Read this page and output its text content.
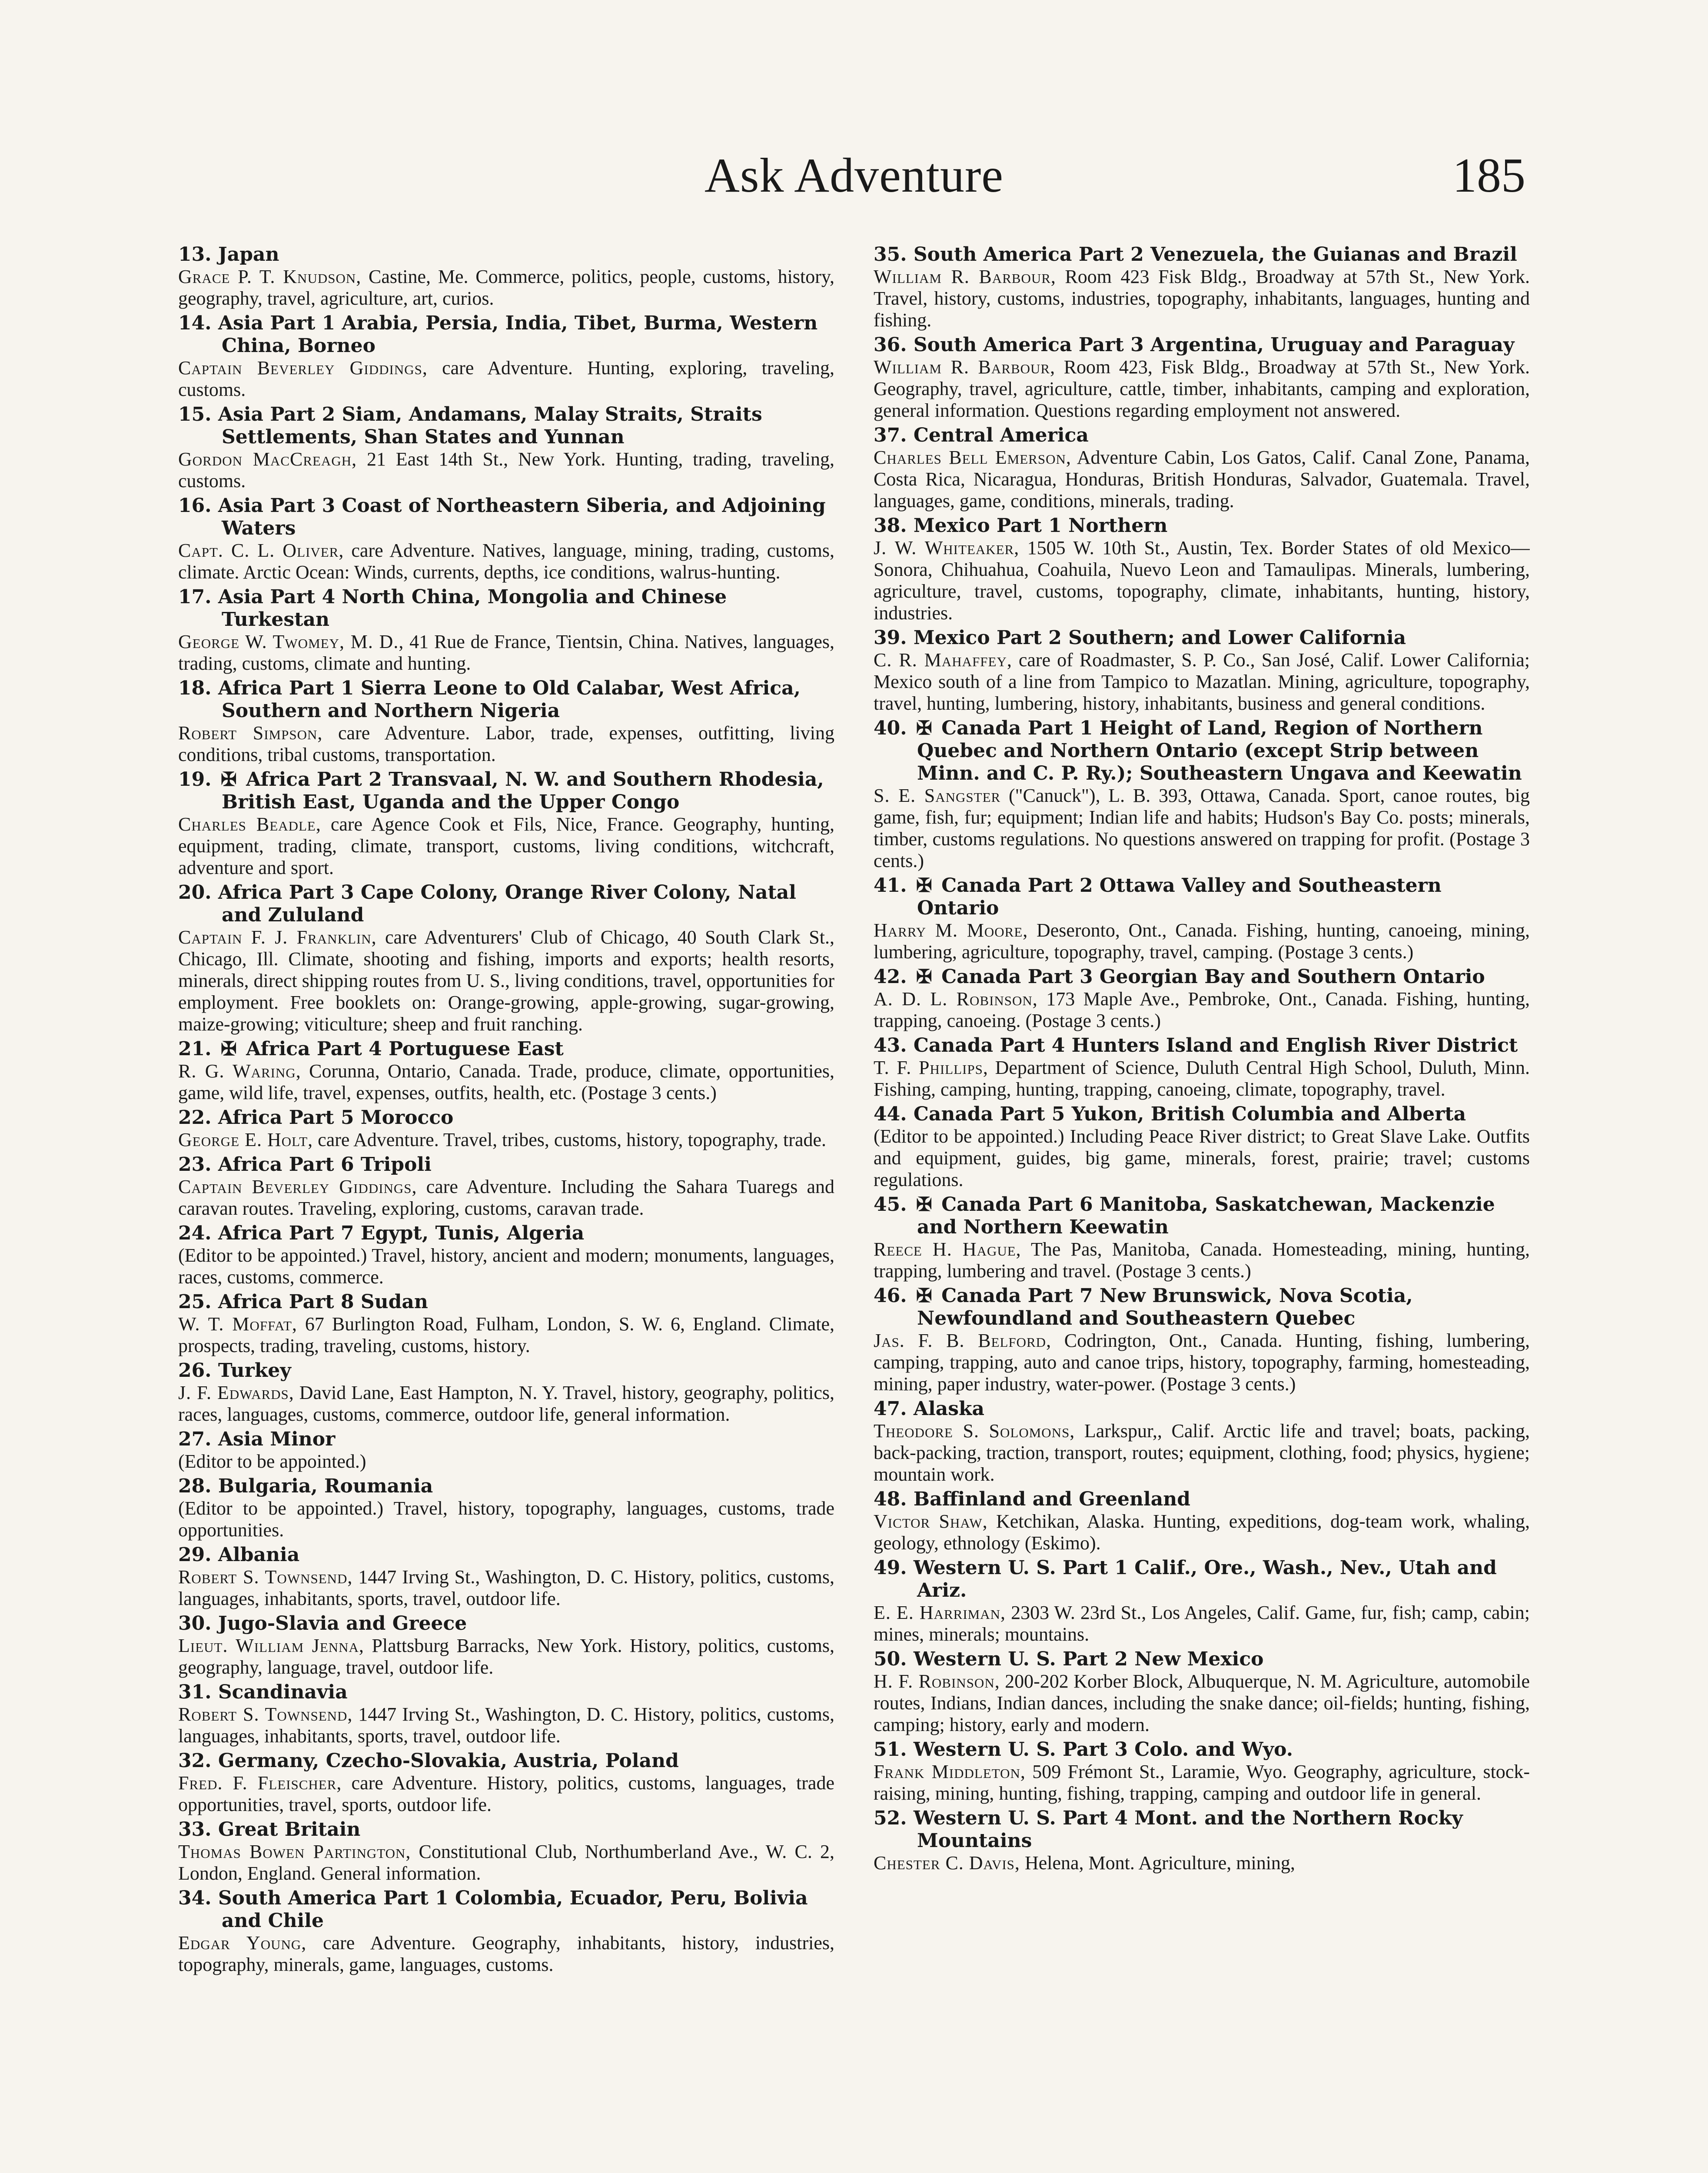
Ask Adventure	185

13. Japan

Grace P. T. Knudson, Castine, Me. Commerce, politics, people, customs, history, geography, travel, agriculture, art, curios.

14. Asia Part 1 Arabia, Persia, India, Tibet, Burma, Western China, Borneo

Captain Beverley Giddings, care Adventure. Hunting, exploring, traveling, customs.

15. Asia Part 2 Siam, Andamans, Malay Straits, Straits Settlements, Shan States and Yunnan

Gordon MacCreagh, 21 East 14th St., New York. Hunting, trading, traveling, customs.

16. Asia Part 3 Coast of Northeastern Siberia, and Adjoining Waters

Capt. C. L. Oliver, care Adventure. Natives, language, mining, trading, customs, climate. Arctic Ocean: Winds, currents, depths, ice conditions, walrus-hunting.

17. Asia Part 4 North China, Mongolia and Chinese Turkestan

George W. Twomey, M. D., 41 Rue de France, Tientsin, China. Natives, languages, trading, customs, climate and hunting.

18. Africa Part 1 Sierra Leone to Old Calabar, West Africa, Southern and Northern Nigeria

Robert Simpson, care Adventure. Labor, trade, expenses, outfitting, living conditions, tribal customs, transportation.

19. ✠ Africa Part 2 Transvaal, N. W. and Southern Rhodesia, British East, Uganda and the Upper Congo

Charles Beadle, care Agence Cook et Fils, Nice, France. Geography, hunting, equipment, trading, climate, transport, customs, living conditions, witchcraft, adventure and sport.

20. Africa Part 3 Cape Colony, Orange River Colony, Natal and Zululand

Captain F. J. Franklin, care Adventurers' Club of Chicago, 40 South Clark St., Chicago, Ill. Climate, shooting and fishing, imports and exports; health resorts, minerals, direct shipping routes from U. S., living conditions, travel, opportunities for employment. Free booklets on: Orange-growing, apple-growing, sugar-growing, maize-growing; viticulture; sheep and fruit ranching.

21. ✠ Africa Part 4 Portuguese East

R. G. Waring, Corunna, Ontario, Canada. Trade, produce, climate, opportunities, game, wild life, travel, expenses, outfits, health, etc. (Postage 3 cents.)

22. Africa Part 5 Morocco

George E. Holt, care Adventure. Travel, tribes, customs, history, topography, trade.

23. Africa Part 6 Tripoli

Captain Beverley Giddings, care Adventure. Including the Sahara Tuaregs and caravan routes. Traveling, exploring, customs, caravan trade.

24. Africa Part 7 Egypt, Tunis, Algeria

(Editor to be appointed.) Travel, history, ancient and modern; monuments, languages, races, customs, commerce.

25. Africa Part 8 Sudan

W. T. Moffat, 67 Burlington Road, Fulham, London, S. W. 6, England. Climate, prospects, trading, traveling, customs, history.

26. Turkey

J. F. Edwards, David Lane, East Hampton, N. Y. Travel, history, geography, politics, races, languages, customs, commerce, outdoor life, general information.

27. Asia Minor

(Editor to be appointed.)

28. Bulgaria, Roumania

(Editor to be appointed.) Travel, history, topography, languages, customs, trade opportunities.

29. Albania

Robert S. Townsend, 1447 Irving St., Washington, D. C. History, politics, customs, languages, inhabitants, sports, travel, outdoor life.

30. Jugo-Slavia and Greece

Lieut. William Jenna, Plattsburg Barracks, New York. History, politics, customs, geography, language, travel, outdoor life.

31. Scandinavia

Robert S. Townsend, 1447 Irving St., Washington, D. C. History, politics, customs, languages, inhabitants, sports, travel, outdoor life.

32. Germany, Czecho-Slovakia, Austria, Poland

Fred. F. Fleischer, care Adventure. History, politics, customs, languages, trade opportunities, travel, sports, outdoor life.

33. Great Britain

Thomas Bowen Partington, Constitutional Club, Northumberland Ave., W. C. 2, London, England. General information.

34. South America Part 1 Colombia, Ecuador, Peru, Bolivia and Chile

Edgar Young, care Adventure. Geography, inhabitants, history, industries, topography, minerals, game, languages, customs.

35. South America Part 2 Venezuela, the Guianas and Brazil

William R. Barbour, Room 423 Fisk Bldg., Broadway at 57th St., New York. Travel, history, customs, industries, topography, inhabitants, languages, hunting and fishing.

36. South America Part 3 Argentina, Uruguay and Paraguay

William R. Barbour, Room 423, Fisk Bldg., Broadway at 57th St., New York. Geography, travel, agriculture, cattle, timber, inhabitants, camping and exploration, general information. Questions regarding employment not answered.

37. Central America

Charles Bell Emerson, Adventure Cabin, Los Gatos, Calif. Canal Zone, Panama, Costa Rica, Nicaragua, Honduras, British Honduras, Salvador, Guatemala. Travel, languages, game, conditions, minerals, trading.

38. Mexico Part 1 Northern

J. W. Whiteaker, 1505 W. 10th St., Austin, Tex. Border States of old Mexico—Sonora, Chihuahua, Coahuila, Nuevo Leon and Tamaulipas. Minerals, lumbering, agriculture, travel, customs, topography, climate, inhabitants, hunting, history, industries.

39. Mexico Part 2 Southern; and Lower California

C. R. Mahaffey, care of Roadmaster, S. P. Co., San José, Calif. Lower California; Mexico south of a line from Tampico to Mazatlan. Mining, agriculture, topography, travel, hunting, lumbering, history, inhabitants, business and general conditions.

40. ✠ Canada Part 1 Height of Land, Region of Northern Quebec and Northern Ontario (except Strip between Minn. and C. P. Ry.); Southeastern Ungava and Keewatin

S. E. Sangster ("Canuck"), L. B. 393, Ottawa, Canada. Sport, canoe routes, big game, fish, fur; equipment; Indian life and habits; Hudson's Bay Co. posts; minerals, timber, customs regulations. No questions answered on trapping for profit. (Postage 3 cents.)

41. ✠ Canada Part 2 Ottawa Valley and Southeastern Ontario

Harry M. Moore, Deseronto, Ont., Canada. Fishing, hunting, canoeing, mining, lumbering, agriculture, topography, travel, camping. (Postage 3 cents.)

42. ✠ Canada Part 3 Georgian Bay and Southern Ontario

A. D. L. Robinson, 173 Maple Ave., Pembroke, Ont., Canada. Fishing, hunting, trapping, canoeing. (Postage 3 cents.)

43. Canada Part 4 Hunters Island and English River District

T. F. Phillips, Department of Science, Duluth Central High School, Duluth, Minn. Fishing, camping, hunting, trapping, canoeing, climate, topography, travel.

44. Canada Part 5 Yukon, British Columbia and Alberta

(Editor to be appointed.) Including Peace River district; to Great Slave Lake. Outfits and equipment, guides, big game, minerals, forest, prairie; travel; customs regulations.

45. ✠ Canada Part 6 Manitoba, Saskatchewan, Mackenzie and Northern Keewatin

Reece H. Hague, The Pas, Manitoba, Canada. Homesteading, mining, hunting, trapping, lumbering and travel. (Postage 3 cents.)

46. ✠ Canada Part 7 New Brunswick, Nova Scotia, Newfoundland and Southeastern Quebec

Jas. F. B. Belford, Codrington, Ont., Canada. Hunting, fishing, lumbering, camping, trapping, auto and canoe trips, history, topography, farming, homesteading, mining, paper industry, water-power. (Postage 3 cents.)

47. Alaska

Theodore S. Solomons, Larkspur,, Calif. Arctic life and travel; boats, packing, back-packing, traction, transport, routes; equipment, clothing, food; physics, hygiene; mountain work.

48. Baffinland and Greenland

Victor Shaw, Ketchikan, Alaska. Hunting, expeditions, dog-team work, whaling, geology, ethnology (Eskimo).

49. Western U. S. Part 1 Calif., Ore., Wash., Nev., Utah and Ariz.

E. E. Harriman, 2303 W. 23rd St., Los Angeles, Calif. Game, fur, fish; camp, cabin; mines, minerals; mountains.

50. Western U. S. Part 2 New Mexico

H. F. Robinson, 200-202 Korber Block, Albuquerque, N. M. Agriculture, automobile routes, Indians, Indian dances, including the snake dance; oil-fields; hunting, fishing, camping; history, early and modern.

51. Western U. S. Part 3 Colo. and Wyo.

Frank Middleton, 509 Frémont St., Laramie, Wyo. Geography, agriculture, stock-raising, mining, hunting, fishing, trapping, camping and outdoor life in general.

52. Western U. S. Part 4 Mont. and the Northern Rocky Mountains

Chester C. Davis, Helena, Mont. Agriculture, mining,
